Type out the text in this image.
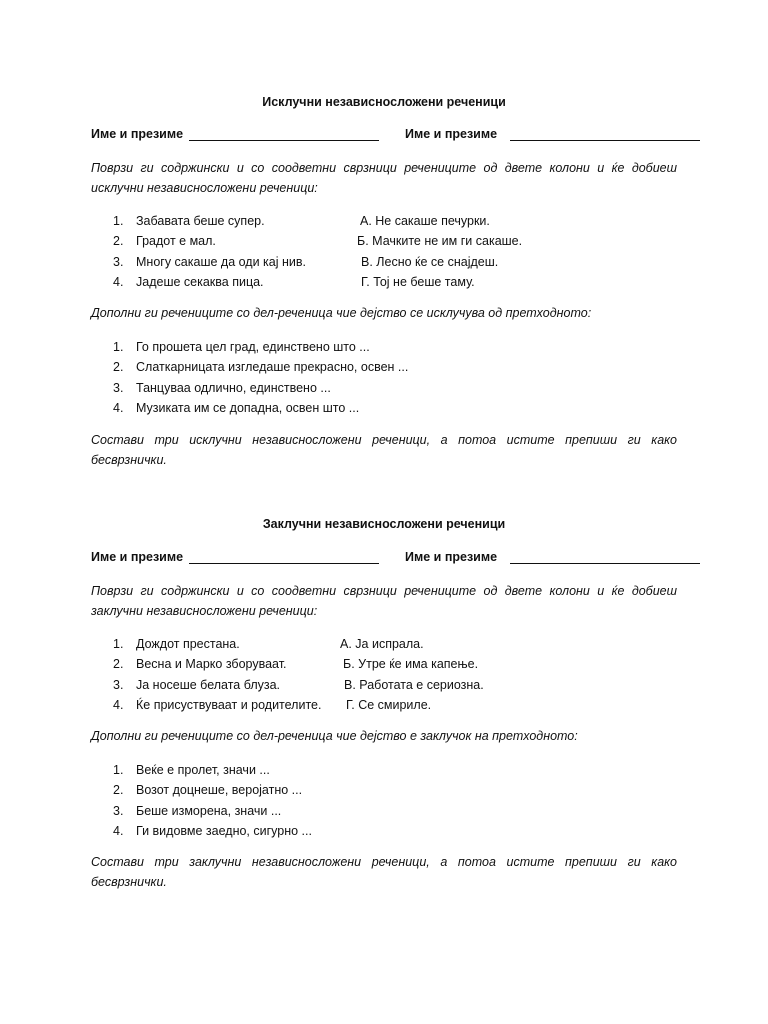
Исклучни независносложени реченици
Име и презиме	Име и презиме
Поврзи ги содржински и со соодветни сврзници речениците од двете колони и ќе добиеш исклучни независносложени реченици:
1. Забавата беше супер.	А. Не сакаше печурки.
2. Градот е мал.	Б. Мачките не им ги сакаше.
3. Многу сакаше да оди кај нив.	В. Лесно ќе се снајдеш.
4. Јадеше секаква пица.	Г. Тој не беше таму.
Дополни ги речениците со дел-реченица чие дејство се исклучува од претходното:
1. Го прошета цел град, единствено што ...
2. Слаткарницата изгледаше прекрасно, освен ...
3. Танцуваа одлично, единствено ...
4. Музиката им се допадна, освен што ...
Состави три исклучни независносложени реченици, а потоа истите препиши ги како бесврзнички.
Заклучни независносложени реченици
Име и презиме	Име и презиме
Поврзи ги содржински и со соодветни сврзници речениците од двете колони и ќе добиеш заклучни независносложени реченици:
1. Дождот престана.	А. Ја испрала.
2. Весна и Марко зборуваат.	Б. Утре ќе има капење.
3. Ја носеше белата блуза.	В. Работата е сериозна.
4. Ќе присуствуваат и родителите. Г. Се смириле.
Дополни ги речениците со дел-реченица чие дејство е заклучок на претходното:
1. Веќе е пролет, значи ...
2. Возот доцнеше, веројатно ...
3. Беше изморена, значи ...
4. Ги видовме заедно, сигурно ...
Состави три заклучни независносложени реченици, а потоа истите препиши ги како бесврзнички.
